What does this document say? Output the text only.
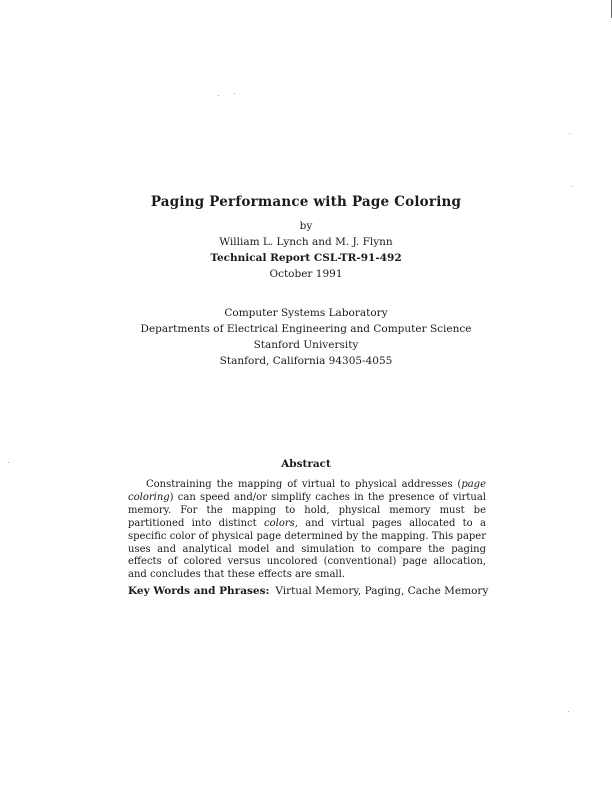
Paging Performance with Page Coloring
by
William L. Lynch and M. J. Flynn
Technical Report CSL-TR-91-492
October 1991
Computer Systems Laboratory
Departments of Electrical Engineering and Computer Science
Stanford University
Stanford, California 94305-4055
Abstract
Constraining the mapping of virtual to physical addresses (page coloring) can speed and/or simplify caches in the presence of virtual memory. For the mapping to hold, physical memory must be partitioned into distinct colors, and virtual pages allocated to a specific color of physical page determined by the mapping. This paper uses and analytical model and simulation to compare the paging effects of colored versus uncolored (conventional) page allocation, and concludes that these effects are small.
Key Words and Phrases: Virtual Memory, Paging, Cache Memory
